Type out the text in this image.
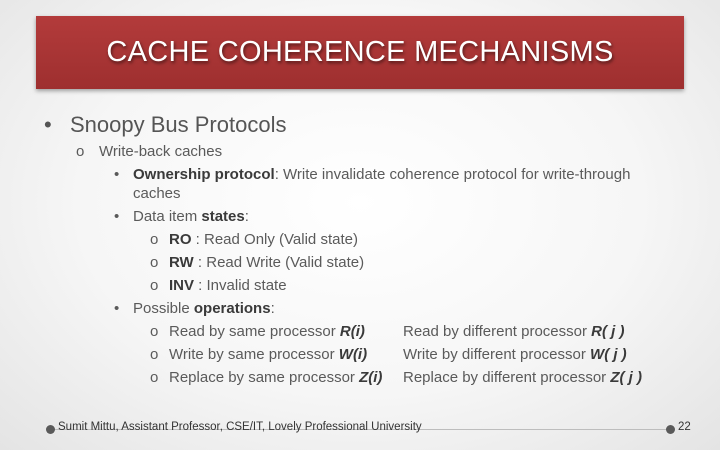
CACHE COHERENCE MECHANISMS
• Snoopy Bus Protocols
o Write-back caches
• Ownership protocol: Write invalidate coherence protocol for write-through
caches
• Data item states:
o RO : Read Only (Valid state)
o RW : Read Write (Valid state)
o INV : Invalid state
• Possible operations:
o Read by same processor R(i)	Read by different processor R( j )
o Write by same processor W(i) Write by different processor W( j )
o Replace by same processor Z(i) Replace by different processor Z( j )
Sumit Mittu, Assistant Professor, CSE/IT, Lovely Professional University	22
